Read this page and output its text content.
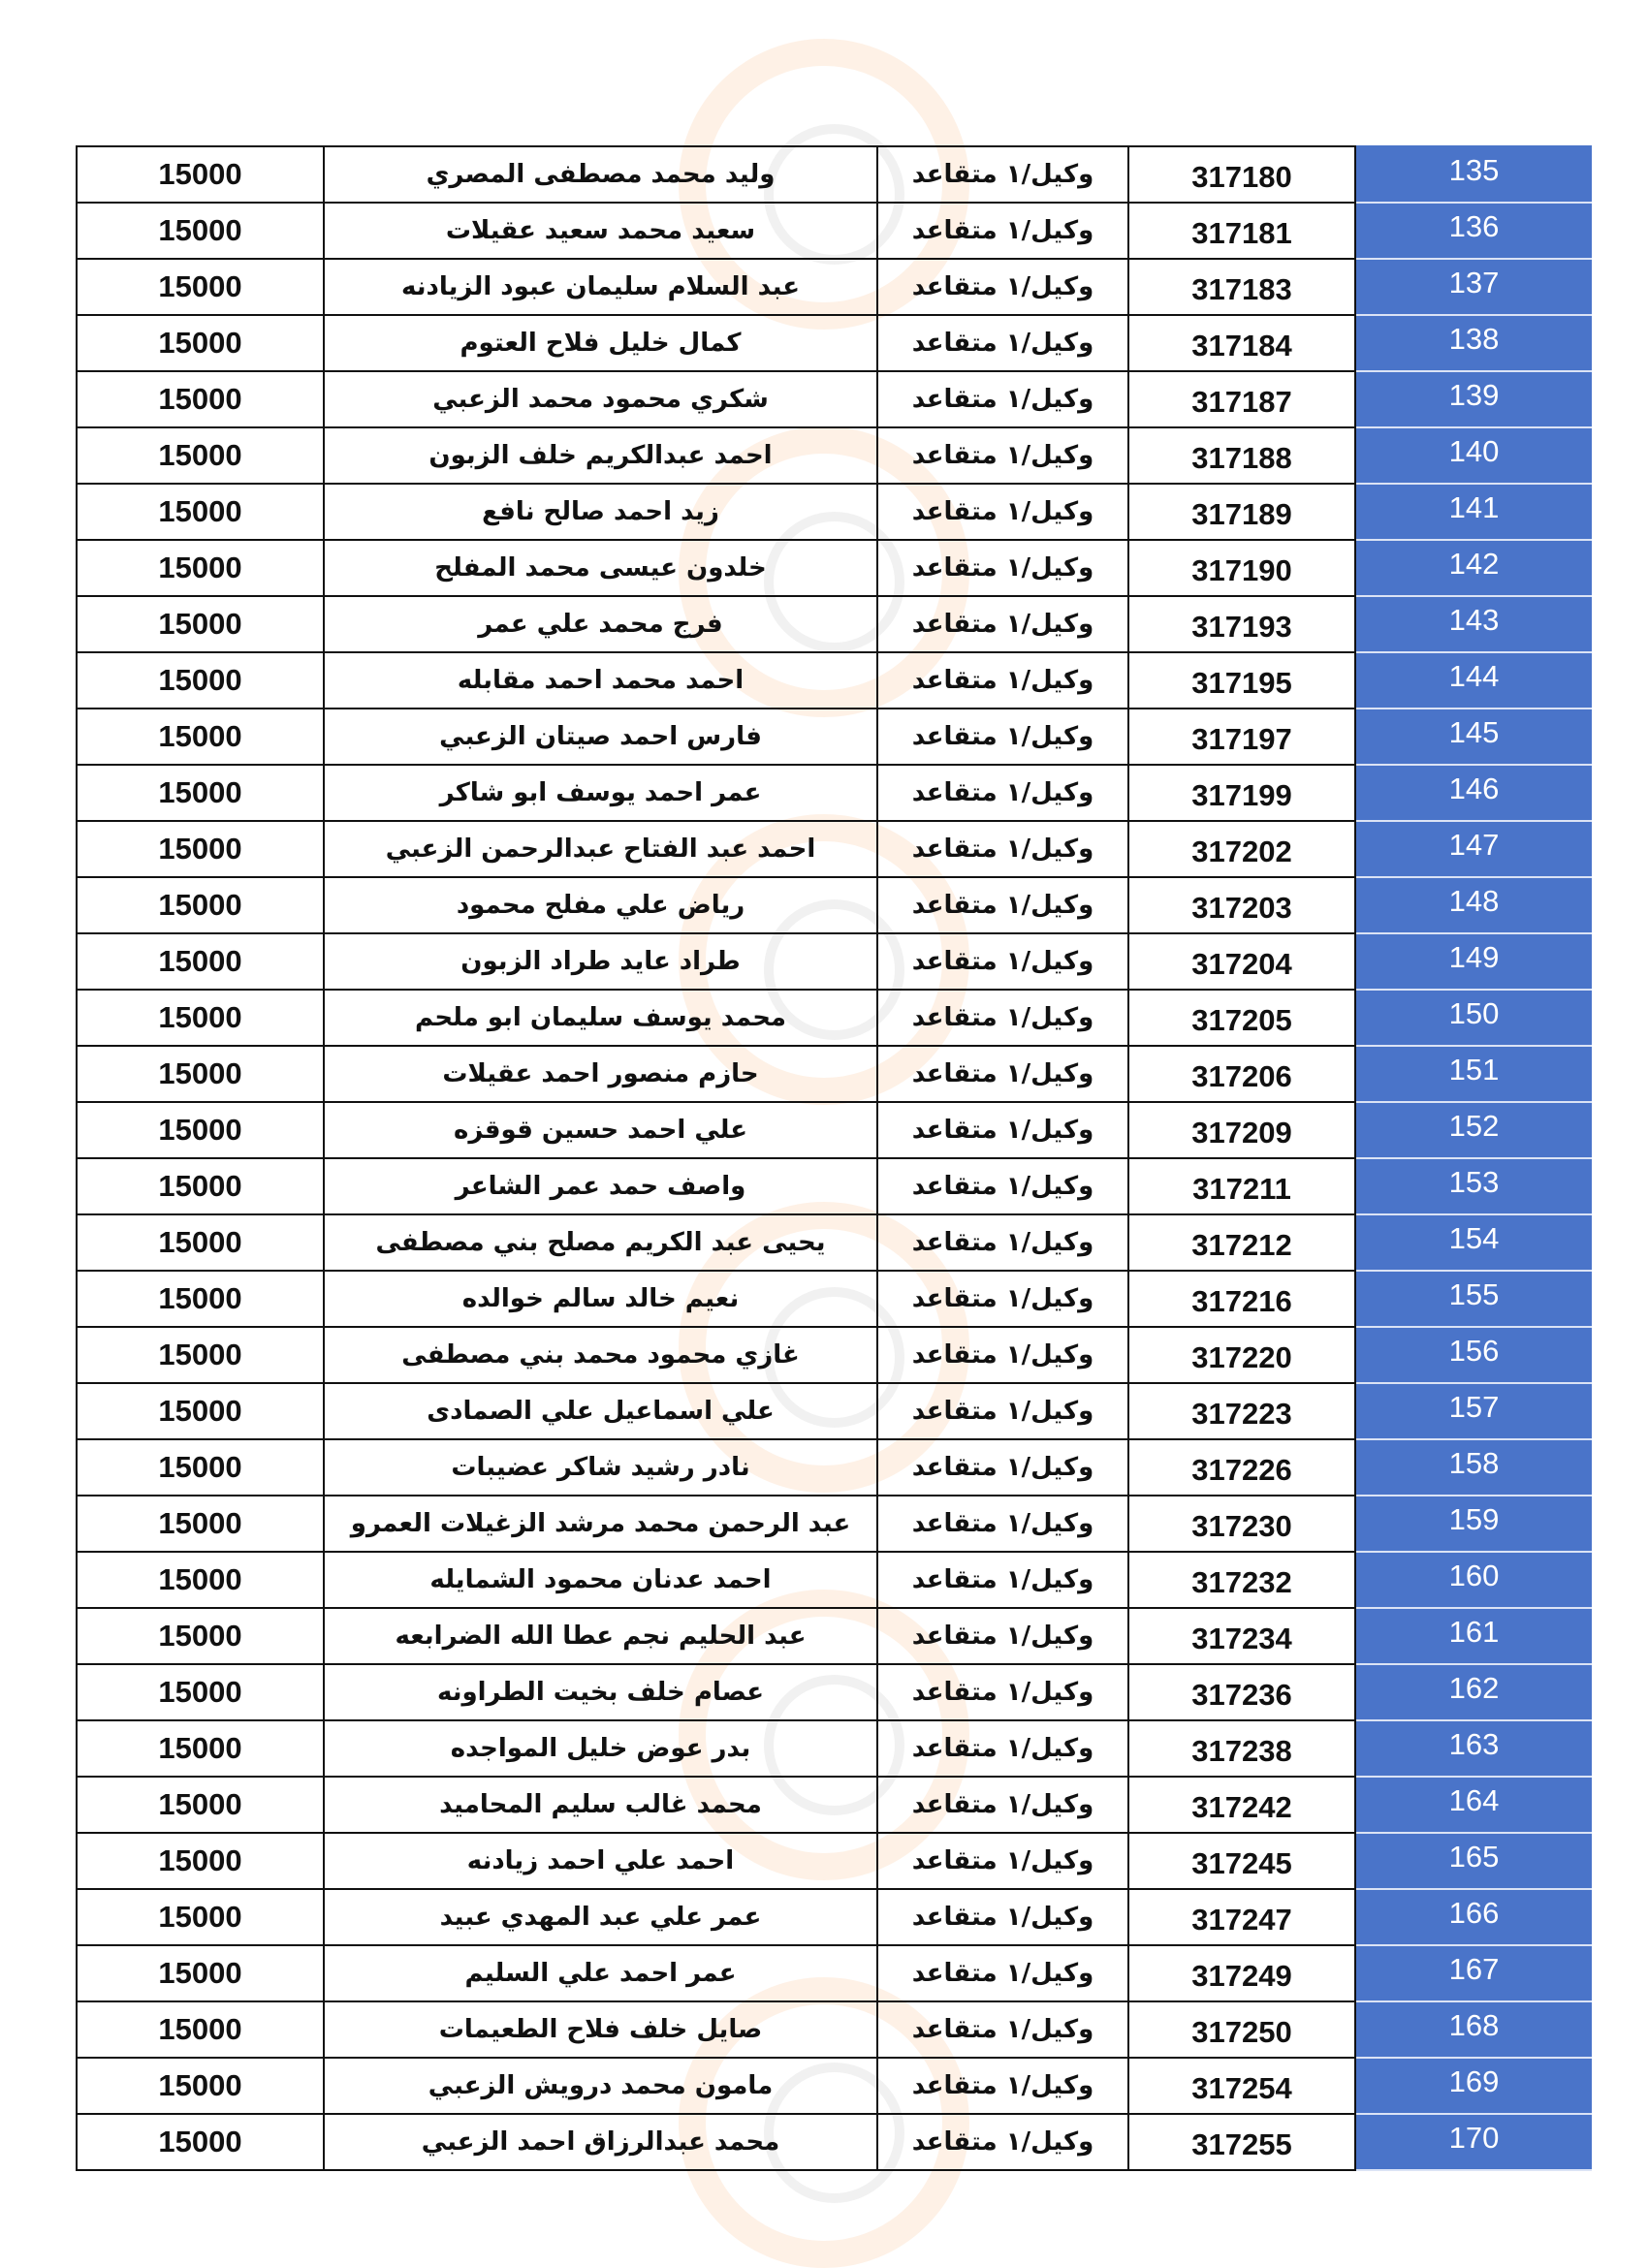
15000	وليد محمد مصطفى المصري	وكيل/١ متقاعد	317180	135
15000	سعيد محمد سعيد عقيلات	وكيل/١ متقاعد	317181	136
15000	عبد السلام سليمان عبود الزيادنه	وكيل/١ متقاعد	317183	137
15000	كمال خليل فلاح العتوم	وكيل/١ متقاعد	317184	138
15000	شكري محمود محمد الزعبي	وكيل/١ متقاعد	317187	139
15000	احمد عبدالكريم خلف الزبون	وكيل/١ متقاعد	317188	140
15000	زيد احمد صالح نافع	وكيل/١ متقاعد	317189	141
15000	خلدون عيسى محمد المفلح	وكيل/١ متقاعد	317190	142
15000	فرج محمد علي عمر	وكيل/١ متقاعد	317193	143
15000	احمد محمد احمد مقابله	وكيل/١ متقاعد	317195	144
15000	فارس احمد صيتان الزعبي	وكيل/١ متقاعد	317197	145
15000	عمر احمد يوسف ابو شاكر	وكيل/١ متقاعد	317199	146
15000	احمد عبد الفتاح عبدالرحمن الزعبي	وكيل/١ متقاعد	317202	147
15000	رياض علي مفلح محمود	وكيل/١ متقاعد	317203	148
15000	طراد عايد طراد الزبون	وكيل/١ متقاعد	317204	149
15000	محمد يوسف سليمان ابو ملحم	وكيل/١ متقاعد	317205	150
15000	حازم منصور احمد عقيلات	وكيل/١ متقاعد	317206	151
15000	علي احمد حسين قوقزه	وكيل/١ متقاعد	317209	152
15000	واصف حمد عمر الشاعر	وكيل/١ متقاعد	317211	153
15000	يحيى عبد الكريم مصلح بني مصطفى	وكيل/١ متقاعد	317212	154
15000	نعيم خالد سالم خوالده	وكيل/١ متقاعد	317216	155
15000	غازي محمود محمد بني مصطفى	وكيل/١ متقاعد	317220	156
15000	علي اسماعيل علي الصمادى	وكيل/١ متقاعد	317223	157
15000	نادر رشيد شاكر عضيبات	وكيل/١ متقاعد	317226	158
15000	عبد الرحمن محمد مرشد الزغيلات العمرو	وكيل/١ متقاعد	317230	159
15000	احمد عدنان محمود الشمايله	وكيل/١ متقاعد	317232	160
15000	عبد الحليم نجم عطا الله الضرابعه	وكيل/١ متقاعد	317234	161
15000	عصام خلف بخيت الطراونه	وكيل/١ متقاعد	317236	162
15000	بدر عوض خليل المواجده	وكيل/١ متقاعد	317238	163
15000	محمد غالب سليم المحاميد	وكيل/١ متقاعد	317242	164
15000	احمد علي احمد زيادنه	وكيل/١ متقاعد	317245	165
15000	عمر علي عبد المهدي عبيد	وكيل/١ متقاعد	317247	166
15000	عمر احمد علي السليم	وكيل/١ متقاعد	317249	167
15000	صايل خلف فلاح الطعيمات	وكيل/١ متقاعد	317250	168
15000	مامون محمد درويش الزعبي	وكيل/١ متقاعد	317254	169
15000	محمد عبدالرزاق احمد الزعبي	وكيل/١ متقاعد	317255	170
